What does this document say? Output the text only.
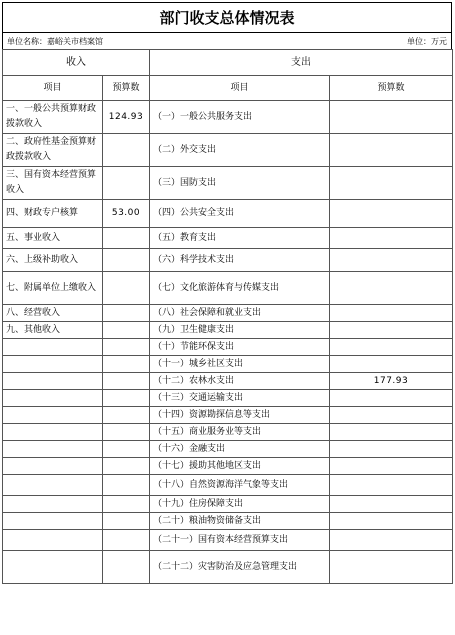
部门收支总体情况表
单位名称：嘉峪关市档案馆	单位：万元
收入		支出	
项目	预算数	项目	预算数
一、一般公共预算财政拨款收入	124.93	（一）一般公共服务支出	
二、政府性基金预算财政拨款收入		（二）外交支出	
三、国有资本经营预算收入		（三）国防支出	
四、财政专户核算	53.00	（四）公共安全支出	
五、事业收入		（五）教育支出	
六、上级补助收入		（六）科学技术支出	
七、附属单位上缴收入		（七）文化旅游体育与传媒支出	
八、经营收入		（八）社会保障和就业支出	
九、其他收入		（九）卫生健康支出	
		（十）节能环保支出	
		（十一）城乡社区支出	
		（十二）农林水支出	177.93
		（十三）交通运输支出	
		（十四）资源勘探信息等支出	
		（十五）商业服务业等支出	
		（十六）金融支出	
		（十七）援助其他地区支出	
		（十八）自然资源海洋气象等支出	
		（十九）住房保障支出	
		（二十）粮油物资储备支出	
		（二十一）国有资本经营预算支出	
		（二十二）灾害防治及应急管理支出	
